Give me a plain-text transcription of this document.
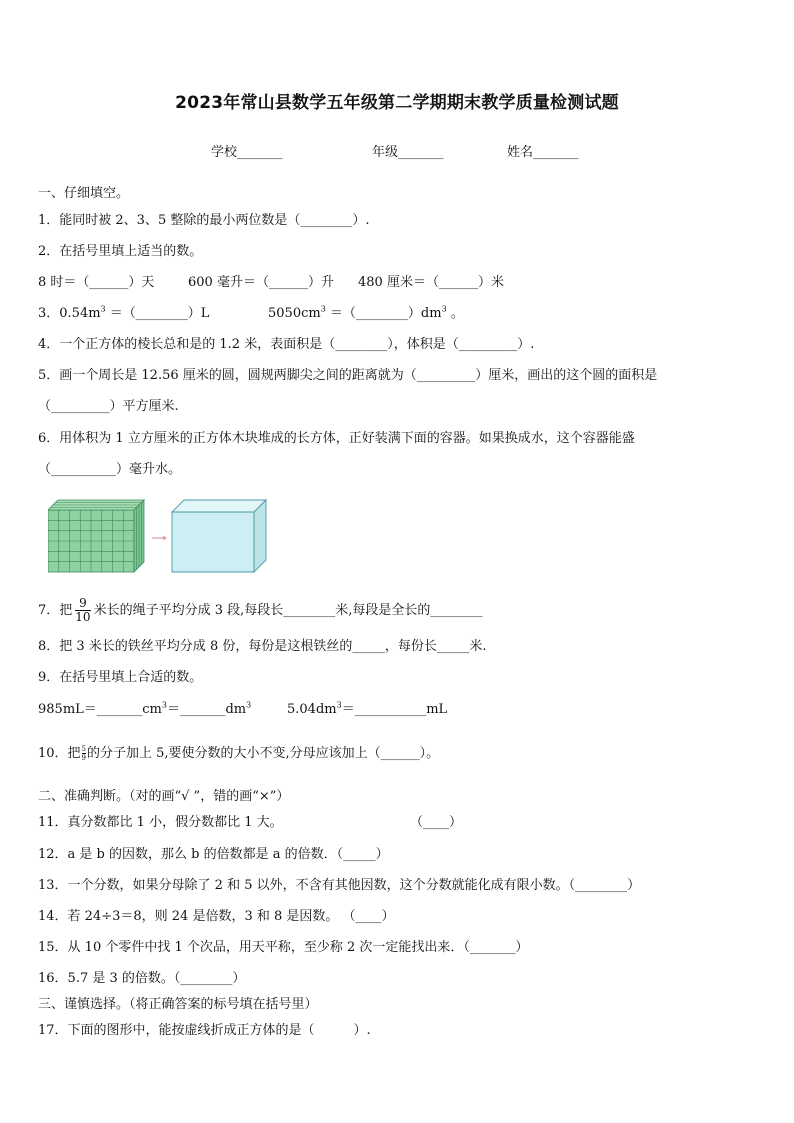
2023年常山县数学五年级第二学期期末教学质量检测试题
学校_______	年级_______	姓名_______
一、仔细填空。
1．能同时被 2、3、5 整除的最小两位数是（________）.
2．在括号里填上适当的数。
8 时＝（______）天	600 毫升＝（______）升 480 厘米＝（______）米
3．$0.54m^3$ ＝（________）L	$5050cm^3$ $=(\_\_\_\_\_\_\_\_)dm^3$ 。
4．一个正方体的棱长总和是的 1.2 米，表面积是（________），体积是（_________）.
5．画一个周长是 12.56 厘米的圆，圆规两脚尖之间的距离就为（_________）厘米，画出的这个圆的面积是
（_________）平方厘米.
6．用体积为 1 立方厘米的正方体木块堆成的长方体，正好装满下面的容器。如果换成水，这个容器能盛
（__________）毫升水。
7．把 $\frac{9}{10}$ 米长的绳子平均分成 3 段,每段长________米,每段是全长的________
8．把 3 米长的铁丝平均分成 8 份，每份是这根铁丝的_____，每份长_____米.
9．在括号里填上合适的数。
$985mL=\_\_\_\_\_\_\_cm^3=\_\_\_\_\_\_\_dm^3$	$5.04dm^3=\_\_\_\_\_\_\_\_\_\_\_mL$
10．把 $\frac{5}{9}$的分子加上 5,要使分数的大小不变,分母应该加上（______）。
二、准确判断。（对的画“√ ”，错的画“×”）
11．真分数都比 1 小，假分数都比 1 大。	（____）
12．a 是 b 的因数，那么 b 的倍数都是 a 的倍数．（_____）
13．一个分数，如果分母除了 2 和 5 以外，不含有其他因数，这个分数就能化成有限小数。（________）
14．若 24÷3＝8，则 24 是倍数，3 和 8 是因数。 （____）
15．从 10 个零件中找 1 个次品，用天平称，至少称 2 次一定能找出来．（_______）
16．5.7 是 3 的倍数。（________）
三、谨慎选择。（将正确答案的标号填在括号里）
17．下面的图形中，能按虚线折成正方体的是（　　　）.
